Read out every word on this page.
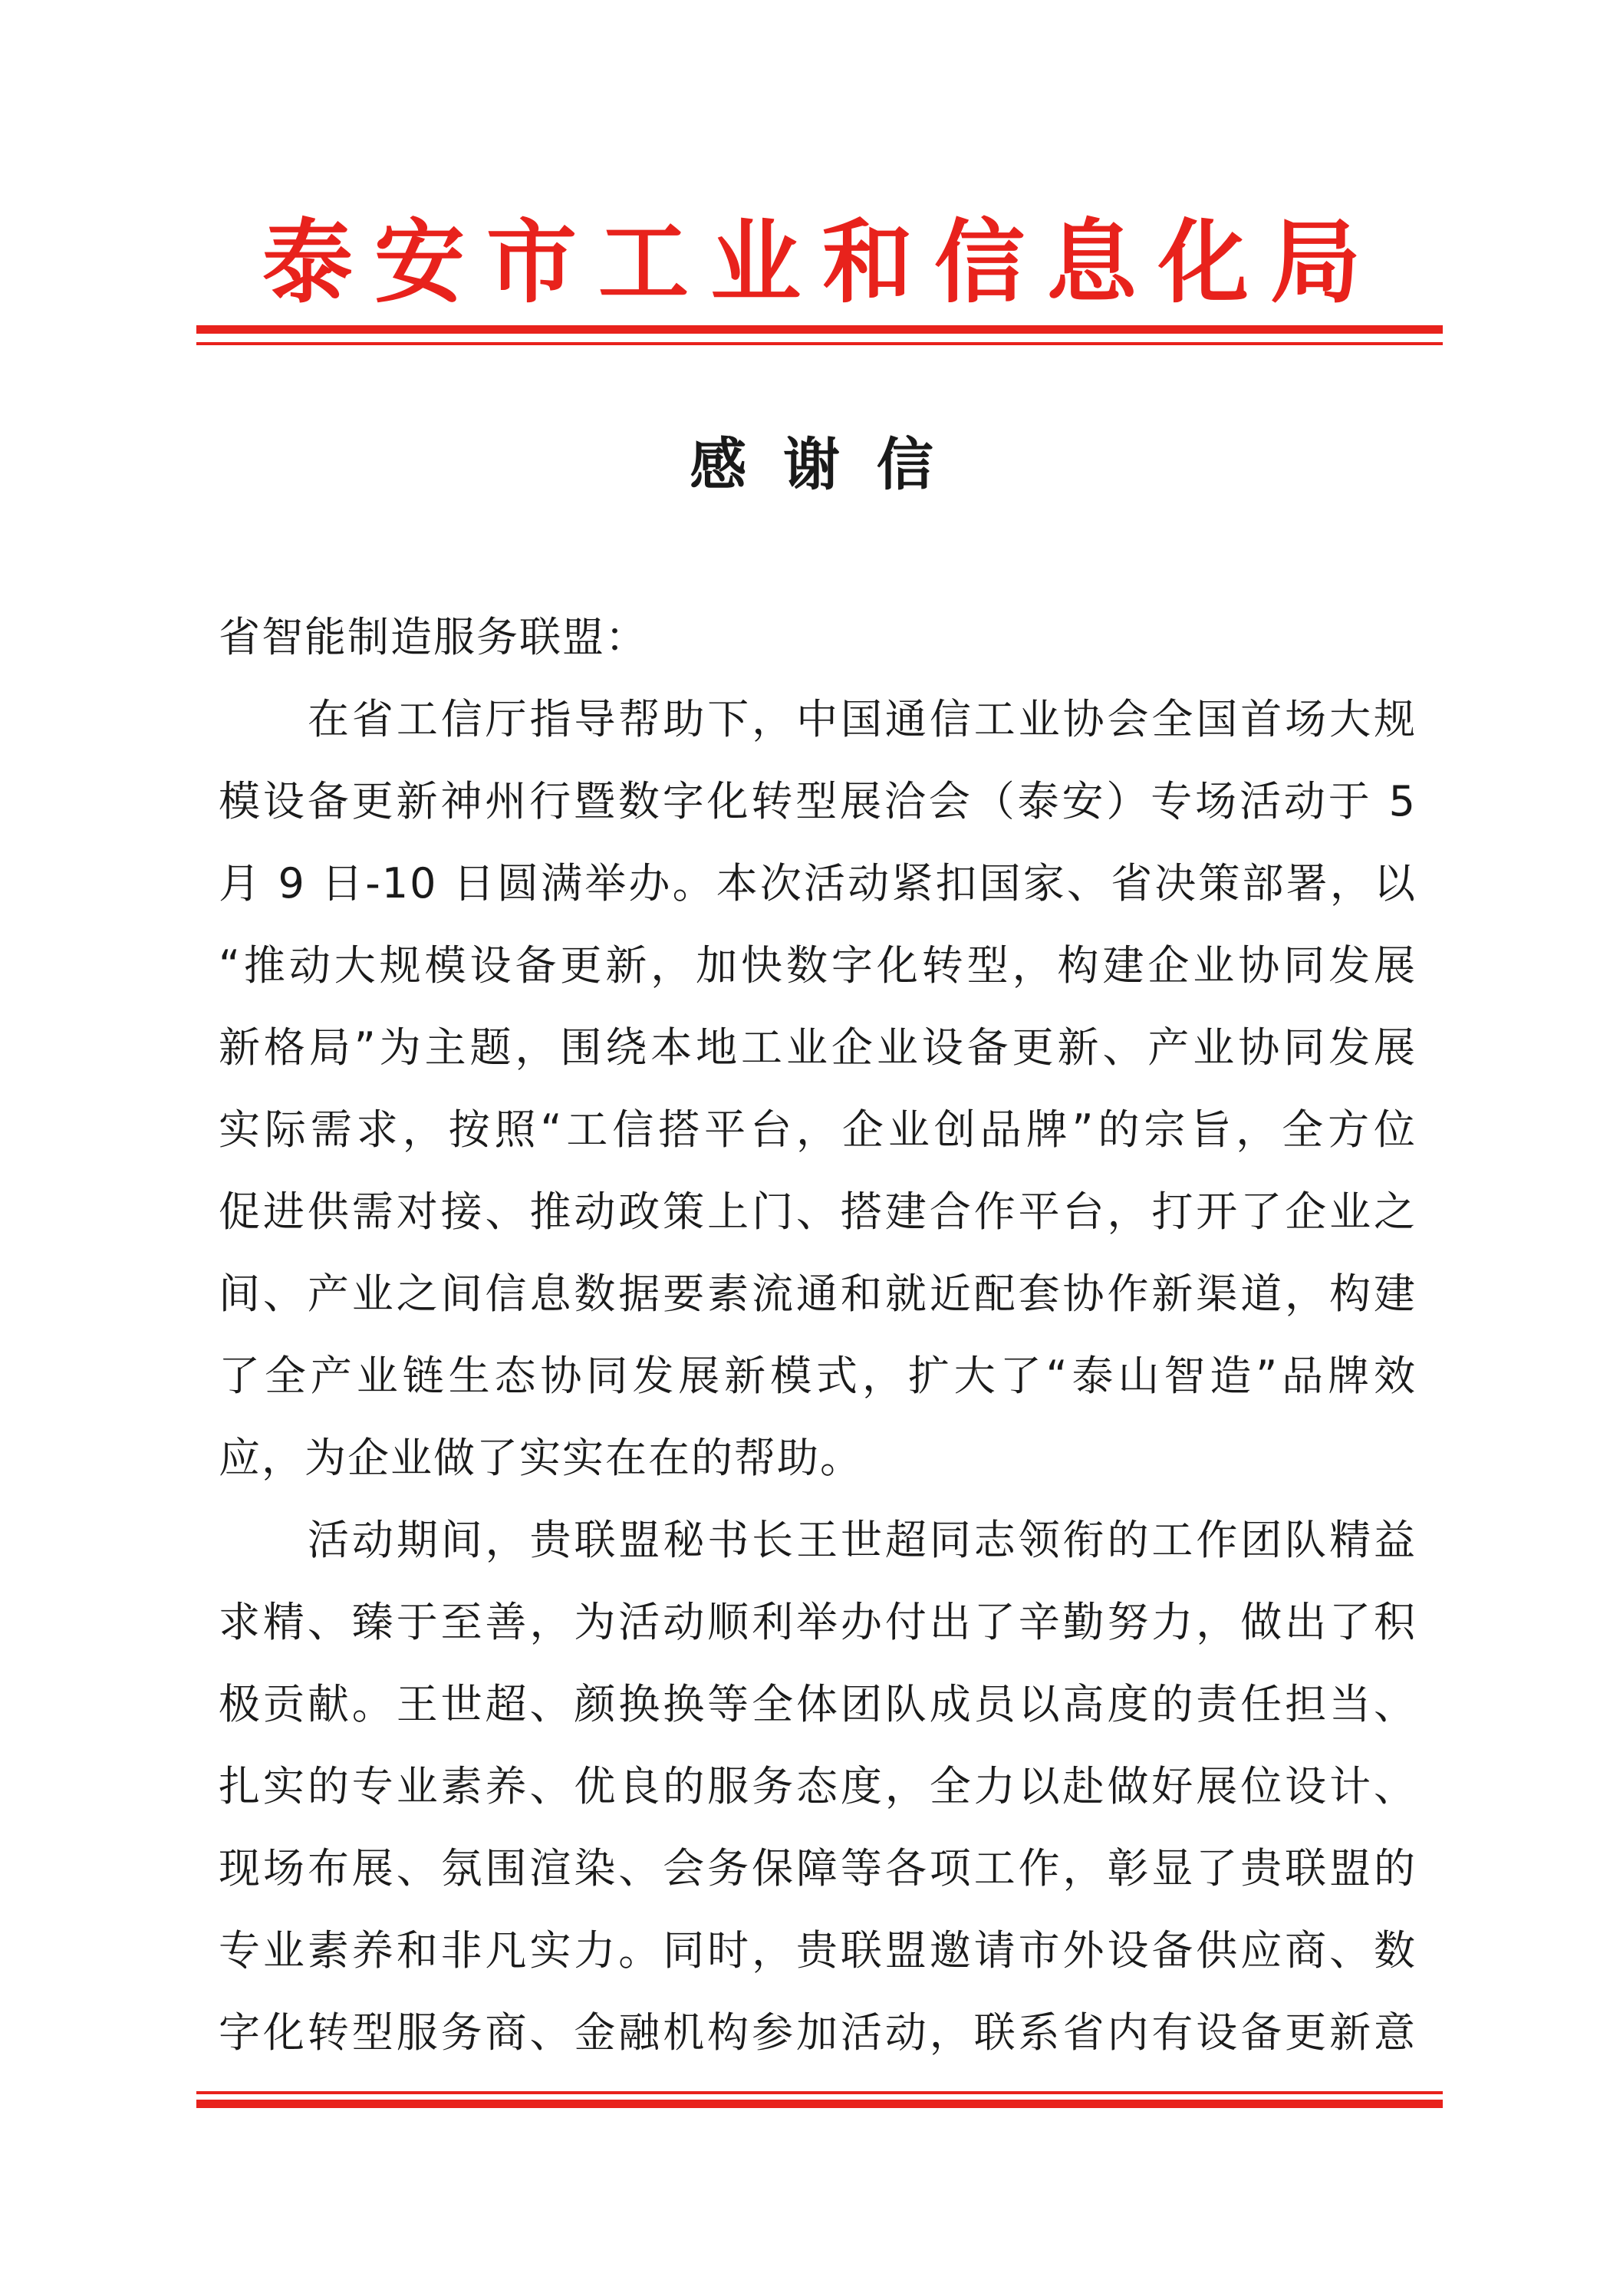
泰安市工业和信息化局
感 谢 信
省智能制造服务联盟：
在省工信厅指导帮助下，中国通信工业协会全国首场大规
模设备更新神州行暨数字化转型展洽会（泰安）专场活动于 5
月 9 日-10 日圆满举办。本次活动紧扣国家、省决策部署，以
“推动大规模设备更新，加快数字化转型，构建企业协同发展
新格局”为主题，围绕本地工业企业设备更新、产业协同发展
实际需求，按照“工信搭平台，企业创品牌”的宗旨，全方位
促进供需对接、推动政策上门、搭建合作平台，打开了企业之
间、产业之间信息数据要素流通和就近配套协作新渠道，构建
了全产业链生态协同发展新模式，扩大了“泰山智造”品牌效
应，为企业做了实实在在的帮助。
活动期间，贵联盟秘书长王世超同志领衔的工作团队精益
求精、臻于至善，为活动顺利举办付出了辛勤努力，做出了积
极贡献。王世超、颜换换等全体团队成员以高度的责任担当、
扎实的专业素养、优良的服务态度，全力以赴做好展位设计、
现场布展、氛围渲染、会务保障等各项工作，彰显了贵联盟的
专业素养和非凡实力。同时，贵联盟邀请市外设备供应商、数
字化转型服务商、金融机构参加活动，联系省内有设备更新意
